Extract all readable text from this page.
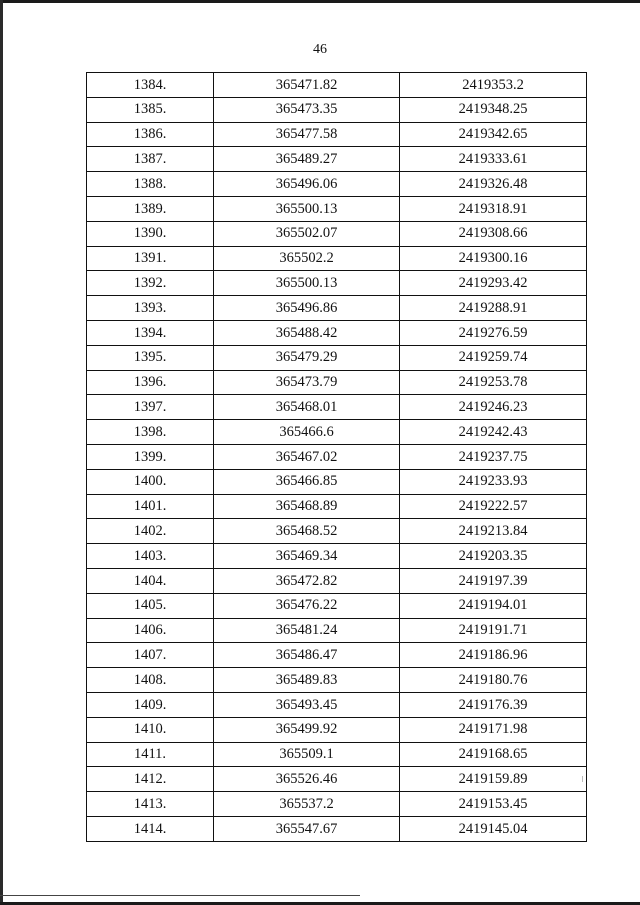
46
1384.	365471.82	2419353.2
1385.	365473.35	2419348.25
1386.	365477.58	2419342.65
1387.	365489.27	2419333.61
1388.	365496.06	2419326.48
1389.	365500.13	2419318.91
1390.	365502.07	2419308.66
1391.	365502.2	2419300.16
1392.	365500.13	2419293.42
1393.	365496.86	2419288.91
1394.	365488.42	2419276.59
1395.	365479.29	2419259.74
1396.	365473.79	2419253.78
1397.	365468.01	2419246.23
1398.	365466.6	2419242.43
1399.	365467.02	2419237.75
1400.	365466.85	2419233.93
1401.	365468.89	2419222.57
1402.	365468.52	2419213.84
1403.	365469.34	2419203.35
1404.	365472.82	2419197.39
1405.	365476.22	2419194.01
1406.	365481.24	2419191.71
1407.	365486.47	2419186.96
1408.	365489.83	2419180.76
1409.	365493.45	2419176.39
1410.	365499.92	2419171.98
1411.	365509.1	2419168.65
1412.	365526.46	2419159.89
1413.	365537.2	2419153.45
1414.	365547.67	2419145.04
